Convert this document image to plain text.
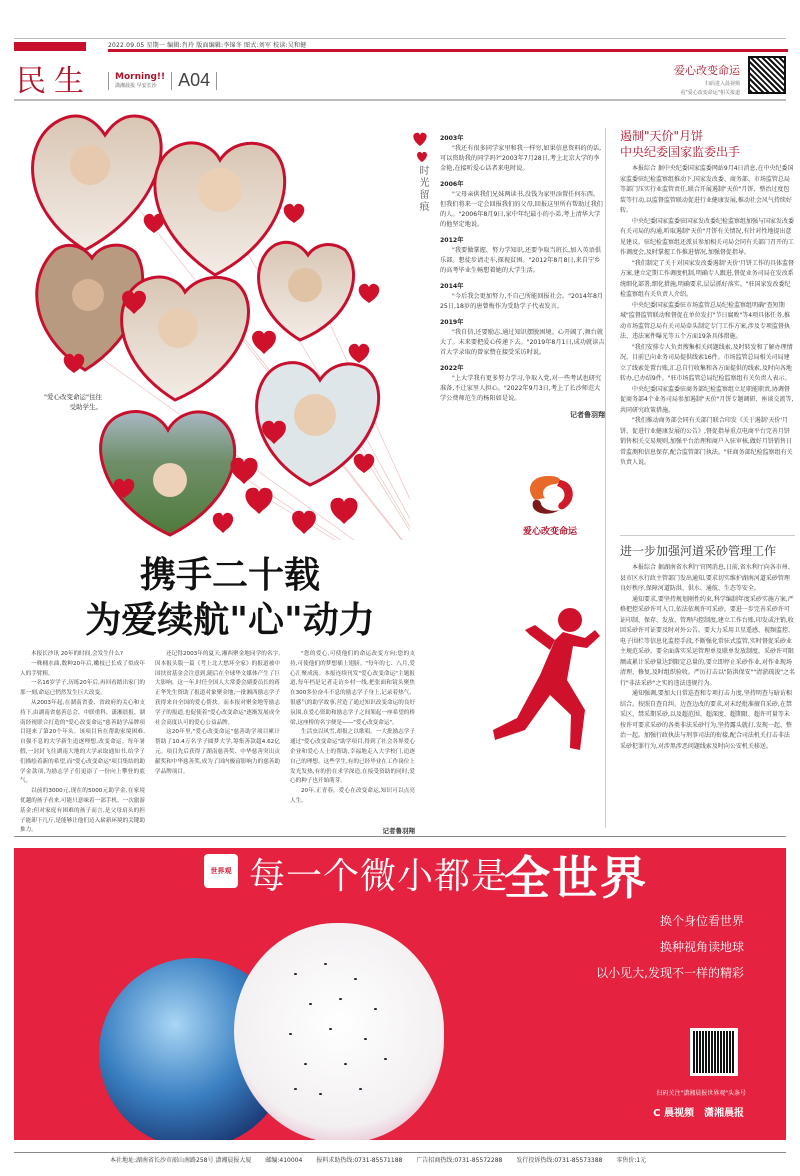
2022.09.05 星期一 编辑:肖玲 版面编辑:李锦冬 图式:刘军 校读:吴和健
民生	Morning!!
潇湘晨报 早安长沙	A04	爱心改变命运
扫码进入晨视频
看"爱心改变命运"相关报道
"爱心改变命运"往往受助学生。
时光留痕
2003年
"我还有很多同学家里和我一样穷,如果信息资料的的话,可以资助我的同学吗?"2003年7月28日,考上北京大学的李金艳,在接听爱心话者来电时说。
2006年
"父母亲供我们兄妹两读书,没钱为家里添置任何东西。但我们将来一定会回报我们的父母,回报这里所有帮助过我们的人。"2006年8月9日,家中年纪最小的小弟,考上清华大学的他坚定地说。
2012年
"我要做掌握、努力学知识,还要争取当班长,加入英语俱乐部。想徒步请走车,探视贫困。"2012年8月8日,来自宁乡的高考毕业生畅想着她的大学生活。
2014年
"今后我会更加努力,不自己所能回报社会。"2014年8月25日,18岁的唐曾梅作为受助学子代表发言。
2019年
"我自信,还要励志,通过知识摆脱困境。心开阔了,舞台就大了。未来要把爱心传递下去。"2019年8月1日,成功就读吉首大学录取的曾家赞在接受采访时说。
2022年
"上大学我有更多努力学习,争取入党,对一些考试也研究准备,不让家里人担心。"2022年9月3日,考上了长沙师范大学公费师范生的杨阳如是说。
记者鲁羽翔
爱心改变命运
遏制"天价"月饼
中央纪委国家监委出手
本报综合 据中央纪委国家监委网站9月4日消息,在中央纪委国家监委驻纪检监察组推动下,国家发改委、商务部、市场监管总局等部门压实行业监管责任,联合开展遏制"天价"月饼、整治过度包装等行动,以监督监管联动促进行业健康发展,推动社会风气持续好转。
中央纪委国家监委驻国家发改委纪检监察组加强与国家发改委有关司局的沟通,听取遏制"天价"月饼有关情况,有针对性地提出意见建议。驻纪检监察组还派员参加相关司局会同有关部门召开的工作调度会,及时掌握工作推进情况,加强督促指导。
"我们制定了关于对国家发改委遏制'天价'月饼工作的具体监督方案,建立定期工作调度机制,明确专人跟进,督促业务司局在发改系统细化部署,细化措施,明确要求,层层抓好落实。"驻国家发改委纪检监察组有关负责人介绍。
中央纪委国家监委驻市场监管总局纪检监察组明确"查短期城"监督监管联动和督促在单位发打"节日腐败"等4项具体任务,推动市场监管总局有关司局牵头制定专门工作方案,涉及专项监督执法、违法案件曝光等五个方面19条具体措施。
"我们安排专人负责搜集相关问题线索,及时转发和了解办理情况。目前已向业务司局提供线索16件。市场监管总局相关司局建立了线索处置台账,汇总自行收集和各方面提供的线索,及时向各地转办,已办结9件。"驻市场监管总局纪检监察组有关负责人表示。
中央纪委国家监委驻商务部纪检监察组立足职能职责,协调督促商务部4个业务司局参加遏制"天价"月饼专题调研、座谈交流等,共同研究政策措施。
"我们推动商务部会同有关部门联合印发《关于遏制'天价'月饼、促进行业健康发展的公告》,督促指导重点电商平台完善月饼销售相关交易规则,加强平台治理和商户入驻审核,做好月饼销售日常监测和信息保存,配合监管部门执法。"驻商务部纪检监察组有关负责人说。
进一步加强河道采砂管理工作
本报综合 据湖南省水利厅官网消息,日前,省水利厅向各市州、县市区水行政主管部门发出通知,要求切实维护湖南河道采砂管理良好秩序,保障河道防洪、供水、通航、生态等安全。
通知要求,要坚持规划刚性约束,科学编制年度采砂实施方案,严格把控采砂许可入口,依法依规许可采砂。要进一步完善采砂许可证印制、保存、发放、管理内控制度,建立工作台账,印发或注销,收回采砂许可证要及时对外公告。要大力采用卫星遥感、视频监控、电子围栏等信息化监控手段,不断强化常驻式监管,实时督促采砂业主规范采砂。要全面落实采运管理单及联单发放制度。采砂许可限额或累计采砂量达到限定总量的,要立即停止采砂作业,对作业现场清理、修复,及时组织验收。严厉打击以"防洪保安""清淤疏浚"之名行"非法采砂"之实的违法违规行为。
通知强调,要加大日常巡查和专项打击力度,坚持明查与暗访相结合。按照自查自纠、边查边改的要求,对未经批准擅自采砂,在禁采区、禁采期采砂,以及超范围、超深度、超期限、超许可量等未按许可要求采砂的各类非法采砂行为,坚持露头就打,发现一起、整治一起。加强行政执法与刑事司法的衔接,配合司法机关打击非法采砂犯罪行为,对涉黑涉恶问题线索及时向公安机关移送。
携手二十载
为爱续航"心"动力

本报长沙讯 20年的时间,会发生什么?

一株桶水曲,数种20年后,嫩枝已长成了似成年人的手臂粗。

一名16岁学子,历练20年后,再回看踏出家门的那一刻,命运已悄然发生巨大改变。

从2003年起,在湖南省委、省政府的关心和支持下,由湖南省慈善总会、中联重科、潇湘晨报、湖南经视联合打造的"爱心改变命运"慈善助学品牌项目迎来了第20个年头。该项目旨在帮助家境困难,自强不息的大学新生追逐理想,改变命运。每年暑假,一封封飞往湖南大地的大学录取通知书,给学子们描绘着新的希望,而"爱心改变命运"项目集结的助学金款项,为励志学子们更添了一份向上攀登的底气。

以前的3000元,现在的5000元助学金,在家境优越的孩子看来,可能只意味着一部手机、一次旅游基金;但对家庭有困难的孩子而言,是父母肩头的担子能卸下几斤,是能够让他们迈入崭新环境的关键助推力。

还记得2003年的夏天,湘西聚金地同学的名字,因本报头版一篇《考上北大愁坏全家》的报道被中国扶贫基金会注意到,随后在全球华文媒体产生了巨大影响。这一年,时任全国人大常委会副委员长的蒋正华先生资助了报道对象聚金地,一批湘西励志学子获得来自全国的爱心帮扶。而本报对聚金地等励志学子的报道,也促使着"爱心改变命运"逐渐发展成全社会高度认可的爱心公益品牌。

这20年里,"爱心改变命运"慈善助学项目累计帮助了10.4万名学子圆梦大学,筹集善款超4.62亿元。项目先后获得了湖南慈善奖、中华慈善突出贡献奖和中华慈善奖,成为了国内极富影响力的慈善助学品牌项目。

"您的爱心,可使他们的命运改变方向;您的支持,可使他们的梦想插上翅膀。"每年的七、八月,爱心汇聚成流。本报连续刊发"爱心改变命运"主题报道,每年档是记者走访乡村一线,把张面和镜头聚焦在300多位奋斗不息的励志学子身上,记录着热气、很感气的助学故事,营造了通过知识改变命运的良好氛围,在爱心资助和励志学子之间架起一座希望的桥梁,这座桥的名字便是——"爱心改变命运"。

生活虫以风雪,却报之以歌唱。一大批励志学子通过"爱心改变命运"助学项目,得到了社会各界爱心企业和爱心人士的帮助,幸福地走入大学校门,追逐自己的理想。这些学生,有的已经毕业在工作岗位上发光发热,有的仍在求学深造,在接受资助的同时,爱心的种子也开始萌芽。

20年,正青春。爱心在改变命运,知识可以点亮人生。

记者鲁羽翔
世界观 每一个微小都是
全世界
换个身位看世界
换种视角读地球
以小见大,发现不一样的精彩
扫码关注"潇湘晨报世界观"头条号
C 晨视频 潇湘晨报
本社地址:湖南省长沙市韶山南路258号 潇湘晨报大厦 邮编:410004 报料求助热线:0731-85571188 广告招商热线:0731-85572288 发行投诉热线:0731-85573388 零售价:1元
